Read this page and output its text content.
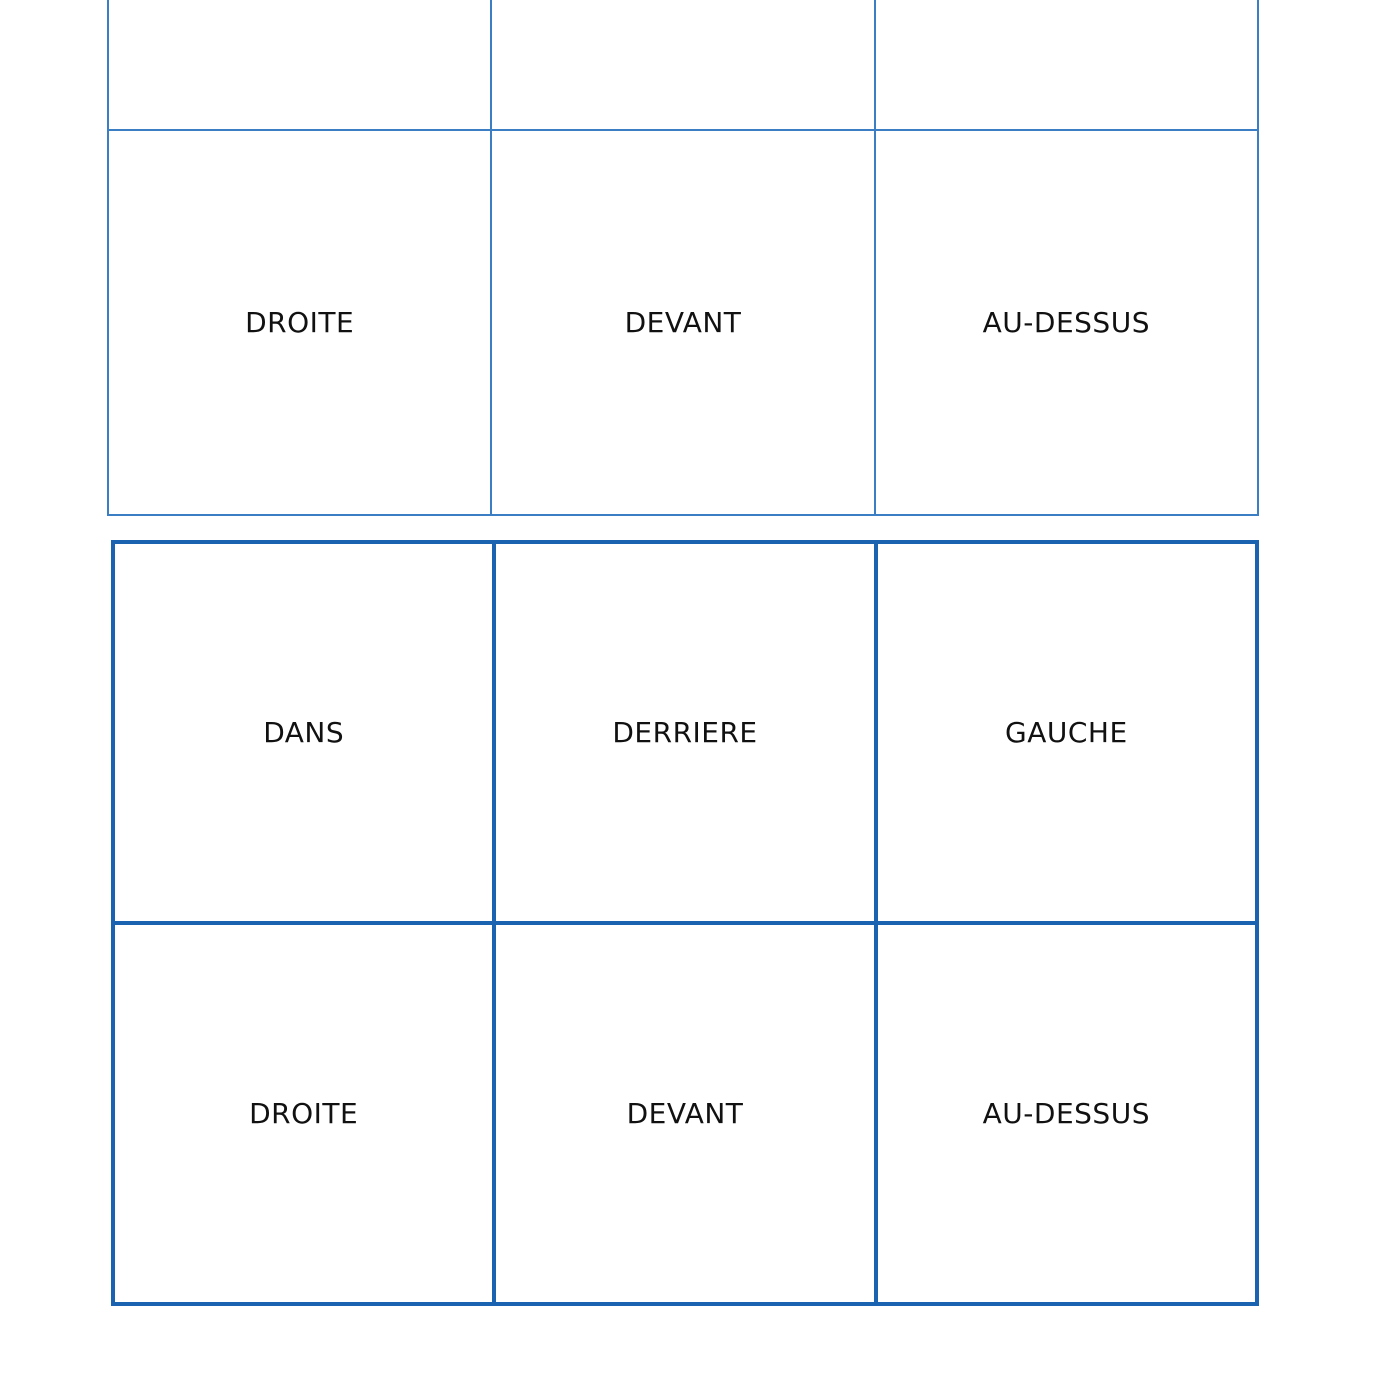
DROITE	DEVANT	AU-DESSUS
DANS	DERRIERE	GAUCHE
DROITE	DEVANT	AU-DESSUS
